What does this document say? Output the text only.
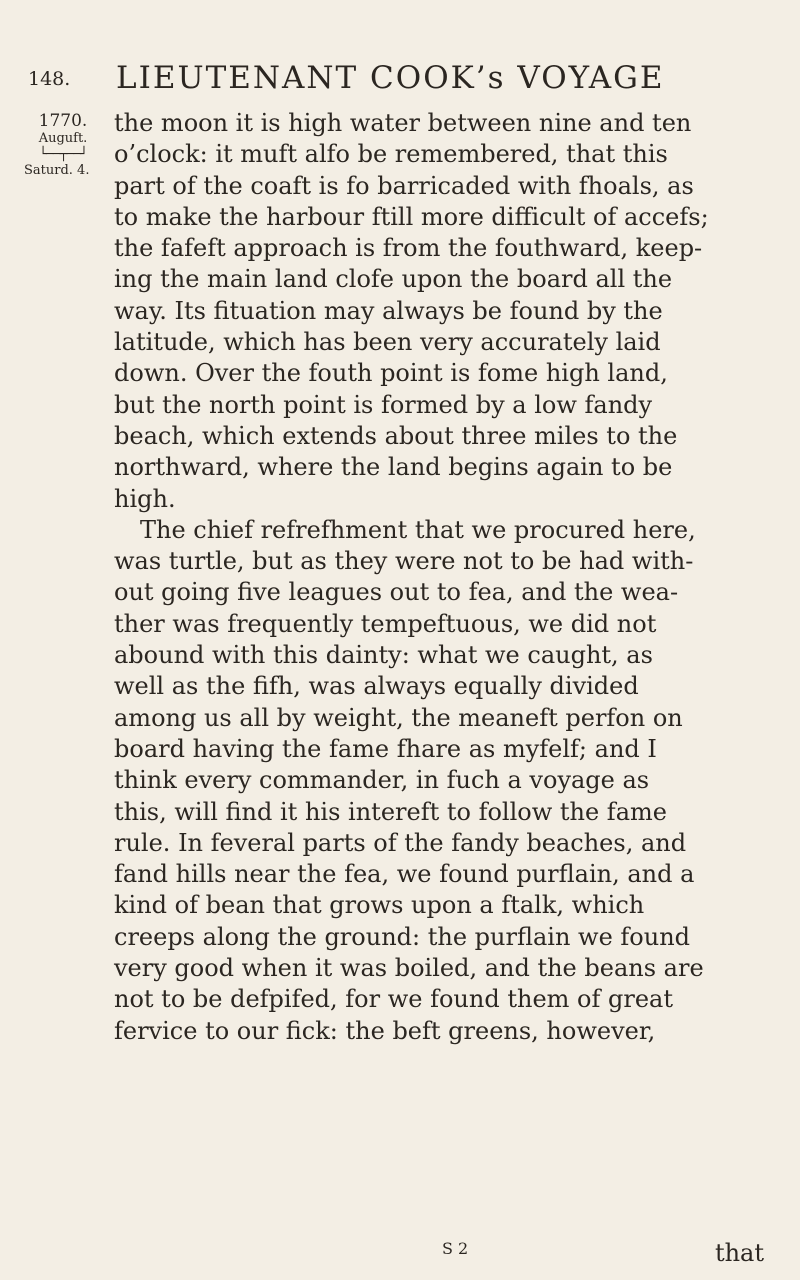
148. LIEUTENANT COOK’s VOYAGE
1770.
Auguft.
└──┬──┘
Saturd. 4.
the moon it is high water between nine and ten
o’clock: it muft alfo be remembered, that this
part of the coaft is fo barricaded with fhoals, as
to make the harbour ftill more difficult of accefs;
the fafeft approach is from the fouthward, keep-
ing the main land clofe upon the board all the
way. Its fituation may always be found by the
latitude, which has been very accurately laid
down. Over the fouth point is fome high land,
but the north point is formed by a low fandy
beach, which extends about three miles to the
northward, where the land begins again to be
high.
The chief refrefhment that we procured here,
was turtle, but as they were not to be had with-
out going five leagues out to fea, and the wea-
ther was frequently tempeftuous, we did not
abound with this dainty: what we caught, as
well as the fifh, was always equally divided
among us all by weight, the meaneft perfon on
board having the fame fhare as myfelf; and I
think every commander, in fuch a voyage as
this, will find it his intereft to follow the fame
rule. In feveral parts of the fandy beaches, and
fand hills near the fea, we found purflain, and a
kind of bean that grows upon a ftalk, which
creeps along the ground: the purflain we found
very good when it was boiled, and the beans are
not to be defpifed, for we found them of great
fervice to our fick: the beft greens, however,
S 2	that
